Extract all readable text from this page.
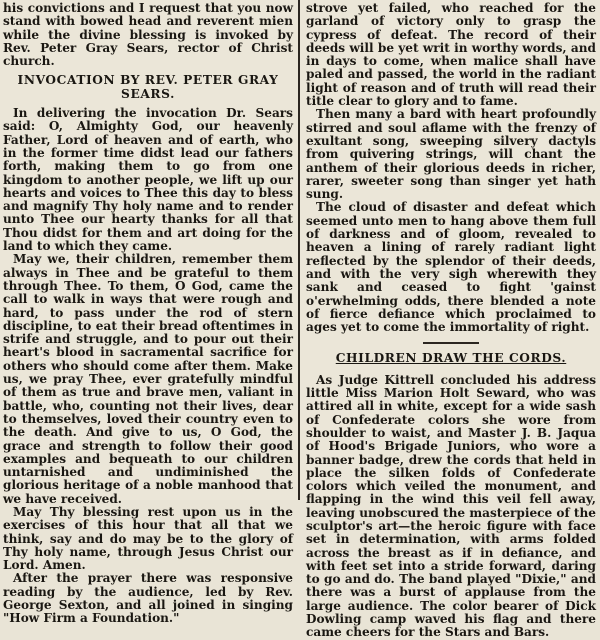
his convictions and I request that you now stand with bowed head and reverent mien while the divine blessing is invoked by Rev. Peter Gray Sears, rector of Christ church.

INVOCATION BY REV. PETER GRAY SEARS.

In delivering the invocation Dr. Sears said: O, Almighty God, our heavenly Father, Lord of heaven and of earth, who in the former time didst lead our fathers forth, making them to go from one kingdom to another people, we lift up our hearts and voices to Thee this day to bless and magnify Thy holy name and to render unto Thee our hearty thanks for all that Thou didst for them and art doing for the land to which they came.

May we, their children, remember them always in Thee and be grateful to them through Thee. To them, O God, came the call to walk in ways that were rough and hard, to pass under the rod of stern discipline, to eat their bread oftentimes in strife and struggle, and to pour out their heart's blood in sacramental sacrifice for others who should come after them. Make us, we pray Thee, ever gratefully mindful of them as true and brave men, valiant in battle, who, counting not their lives, dear to themselves, loved their country even to the death. And give to us, O God, the grace and strength to follow their good examples and bequeath to our children untarnished and undiminished the glorious heritage of a noble manhood that we have received.

May Thy blessing rest upon us in the exercises of this hour that all that we think, say and do may be to the glory of Thy holy name, through Jesus Christ our Lord. Amen.

After the prayer there was responsive reading by the audience, led by Rev. George Sexton, and all joined in singing "How Firm a Foundation."

strove yet failed, who reached for the garland of victory only to grasp the cypress of defeat. The record of their deeds will be yet writ in worthy words, and in days to come, when malice shall have paled and passed, the world in the radiant light of reason and of truth will read their title clear to glory and to fame.

Then many a bard with heart profoundly stirred and soul aflame with the frenzy of exultant song, sweeping silvery dactyls from quivering strings, will chant the anthem of their glorious deeds in richer, rarer, sweeter song than singer yet hath sung.

The cloud of disaster and defeat which seemed unto men to hang above them full of darkness and of gloom, revealed to heaven a lining of rarely radiant light reflected by the splendor of their deeds, and with the very sigh wherewith they sank and ceased to fight 'gainst o'erwhelming odds, there blended a note of fierce defiance which proclaimed to ages yet to come the immortality of right.

CHILDREN DRAW THE CORDS.

As Judge Kittrell concluded his address little Miss Marion Holt Seward, who was attired all in white, except for a wide sash of Confederate colors she wore from shoulder to waist, and Master J. B. Jaqua of Hood's Brigade Juniors, who wore a banner badge, drew the cords that held in place the silken folds of Confederate colors which veiled the monument, and flapping in the wind this veil fell away, leaving unobscured the masterpiece of the sculptor's art—the heroic figure with face set in determination, with arms folded across the breast as if in defiance, and with feet set into a stride forward, daring to go and do. The band played "Dixie," and there was a burst of applause from the large audience. The color bearer of Dick Dowling camp waved his flag and there came cheers for the Stars and Bars.
